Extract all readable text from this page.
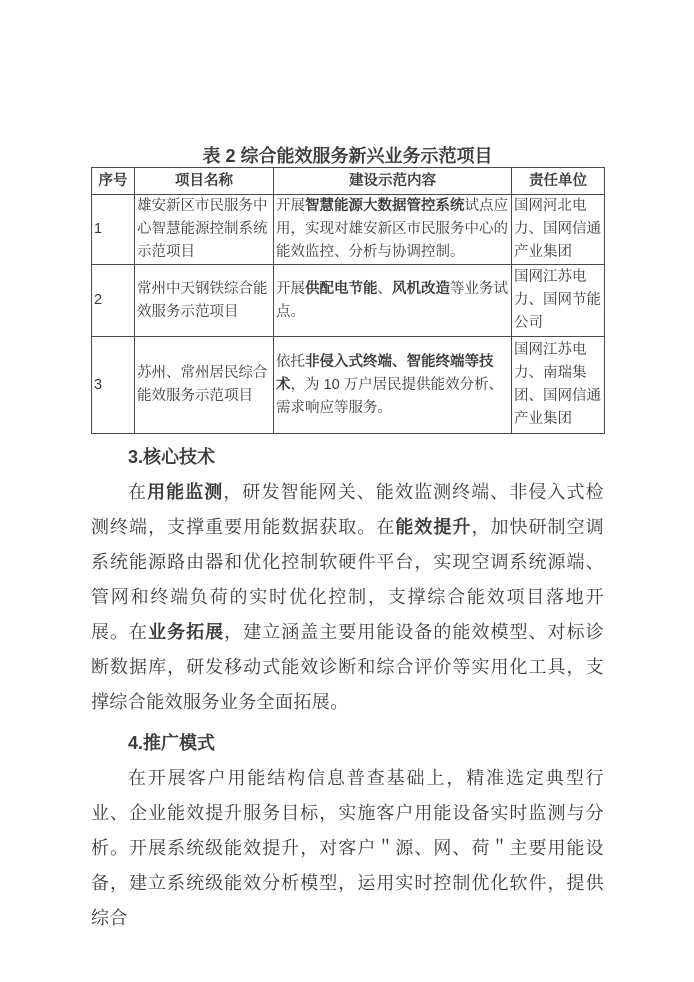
表 2 综合能效服务新兴业务示范项目
序号	项目名称	建设示范内容	责任单位
1	雄安新区市民服务中心智慧能源控制系统示范项目	开展智慧能源大数据管控系统试点应用，实现对雄安新区市民服务中心的能效监控、分析与协调控制。	国网河北电力、国网信通产业集团
2	常州中天钢铁综合能效服务示范项目	开展供配电节能、风机改造等业务试点。	国网江苏电力、国网节能公司
3	苏州、常州居民综合能效服务示范项目	依托非侵入式终端、智能终端等技术，为 10 万户居民提供能效分析、需求响应等服务。	国网江苏电力、南瑞集团、国网信通产业集团
3.核心技术

在用能监测，研发智能网关、能效监测终端、非侵入式检测终端，支撑重要用能数据获取。在能效提升，加快研制空调系统能源路由器和优化控制软硬件平台，实现空调系统源端、管网和终端负荷的实时优化控制，支撑综合能效项目落地开展。在业务拓展，建立涵盖主要用能设备的能效模型、对标诊断数据库，研发移动式能效诊断和综合评价等实用化工具，支撑综合能效服务业务全面拓展。

4.推广模式

在开展客户用能结构信息普查基础上，精准选定典型行业、企业能效提升服务目标，实施客户用能设备实时监测与分析。开展系统级能效提升，对客户＂源、网、荷＂主要用能设备，建立系统级能效分析模型，运用实时控制优化软件，提供综合
